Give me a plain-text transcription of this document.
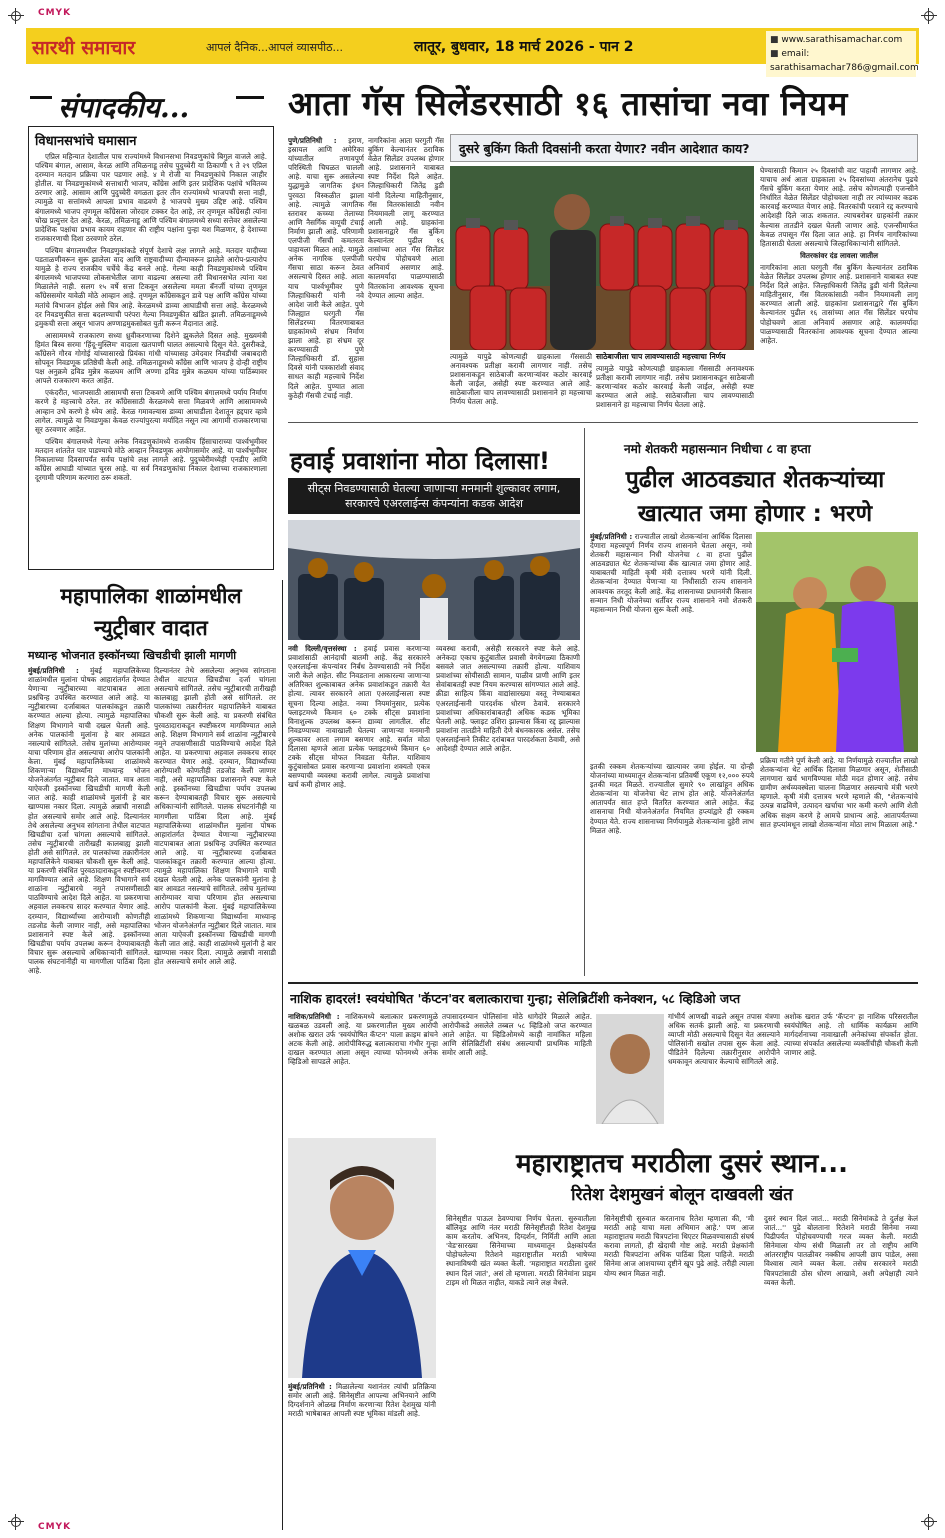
CMYK
CMYK
सारथी समाचार	आपलं दैनिक...आपलं व्यासपीठ...	लातूर, बुधवार, 18 मार्च 2026 - पान 2
■	www.sarathisamachar.com
■ email: sarathisamachar786@gmail.com
संपादकीय...
विधानसभांचे घमासान

एप्रिल महिन्यात देशातील पाच राज्यांमध्ये विधानसभा निवडणुकांचे बिगुल वाजले आहे. पश्चिम बंगाल, आसाम, केरळ आणि तमिळनाडू तसेच पुदुच्चेरी या ठिकाणी ९ ते २९ एप्रिल दरम्यान मतदान प्रक्रिया पार पडणार आहे. ४ मे रोजी या निवडणुकांचे निकाल जाहीर होतील. या निवडणुकांमध्ये सत्ताधारी भाजप, काँग्रेस आणि इतर प्रादेशिक पक्षांचे भवितव्य ठरणार आहे. आसाम आणि पुदुच्चेरी वगळता इतर तीन राज्यांमध्ये भाजपची सत्ता नाही, त्यामुळे या सत्तांमध्ये आपला प्रभाव वाढवणे हे भाजपचे मुख्य उद्दिष्ट आहे. पश्चिम बंगालमध्ये भाजप तृणमूल काँग्रेसला जोरदार टक्कर देत आहे, तर तृणमूल काँग्रेसही त्यांना चोख प्रत्युत्तर देत आहे. केरळ, तमिळनाडू आणि पश्चिम बंगालमध्ये सध्या सत्तेवर असलेल्या प्रादेशिक पक्षांचा प्रभाव कायम राहणार की राष्ट्रीय पक्षांना पुन्हा यश मिळणार, हे देशाच्या राजकारणाची दिशा ठरवणारे ठरेल.

पश्चिम बंगालमधील निवडणुकांकडे संपूर्ण देशाचे लक्ष लागले आहे. मतदार यादीच्या पडताळणीवरून सुरू झालेला वाद आणि राष्ट्रवादीच्या दीन्यावरून झालेले आरोप-प्रत्यारोप यामुळे हे राज्य राजकीय चर्चेचे केंद्र बनले आहे. गेल्या काही निवडणुकांमध्ये पश्चिम बंगालमध्ये भाजपच्या लोकसभेतील जागा वाढल्या असल्या तरी विधानसभेत त्यांना यश मिळालेले नाही. सलग १५ वर्षे सत्ता टिकवून असलेल्या ममता बॅनर्जी यांच्या तृणमूल काँग्रेससमोर यावेळी मोठे आव्हान आहे. तृणमूल काँग्रेसकडून डावे पक्ष आणि काँग्रेस यांच्या मतांचे विभाजन होईल असे चित्र आहे. केरळमध्ये डाव्या आघाडीची सत्ता आहे. केरळमध्ये दर निवडणुकीत सत्ता बदलण्याची परंपरा गेल्या निवडणुकीत खंडित झाली. तमिळनाडूमध्ये द्रमुकची सत्ता असून भाजप अण्णाद्रमुकसोबत युती करून मैदानात आहे.

आसाममध्ये राजकारण सध्या ध्रुवीकरणाच्या दिशेने झुकलेले दिसत आहे. मुख्यमंत्री हिमंत बिस्व सरमा 'हिंदू-मुस्लिम' वादाला खतपाणी घालत असल्याचे दिसून येते. दुसरीकडे, काँग्रेसने गौरव गोगोई यांच्यासारखे प्रियंका गांधी यांच्यासह उमेदवार निवडीची जबाबदारी सोपवून निवडणूक प्रतिष्ठेची केली आहे. तमिळनाडूमध्ये काँग्रेस आणि भाजप हे दोन्ही राष्ट्रीय पक्ष अनुक्रमे द्रविड मुन्नेत्र कळघम आणि अण्णा द्रविड मुन्नेत्र कळघम यांच्या पाठिंब्यावर आपले राजकारण करत आहेत.

एकंदरीत, भाजपसाठी आसामची सत्ता टिकवणे आणि पश्चिम बंगालमध्ये पर्याय निर्माण करणे हे महत्त्वाचे ठरेल. तर काँग्रेससाठी केरळमध्ये सत्ता मिळवणे आणि आसाममध्ये आव्हान उभे करणे हे ध्येय आहे. केरळ गमावल्यास डाव्या आघाडीला देशातून हद्दपार व्हावे लागेल. त्यामुळे या निवडणुका केवळ राज्यांपुरत्या मर्यादित नसून त्या आगामी राजकारणाचा सूर ठरवणार आहेत.

पश्चिम बंगालमध्ये गेल्या अनेक निवडणुकांमध्ये राजकीय हिंसाचाराच्या पार्श्वभूमीवर मतदान शांततेत पार पाडण्याचे मोठे आव्हान निवडणूक आयोगासमोर आहे. या पार्श्वभूमीवर निकालाच्या दिवसापर्यंत सर्वच पक्षांचे लक्ष लागले आहे. पुदुच्चेरीमध्येही एनडीए आणि काँग्रेस आघाडी यांच्यात चुरस आहे. या सर्व निवडणुकांचा निकाल देशाच्या राजकारणाला दूरगामी परिणाम करणारा ठरू शकतो.

आता गॅस सिलेंडरसाठी १६ तासांचा नवा नियम
दुसरे बुकिंग किती दिवसांनी करता येणार? नवीन आदेशात काय?
पुणे/प्रतिनिधी : इराण, इस्रायल आणि अमेरिका यांच्यातील तणावपूर्ण परिस्थिती चिघळत चालली आहे. याचा सुरू असलेल्या युद्धामुळे जागतिक इंधन पुरवठा विस्कळीत झाला आहे. त्यामुळे जागतिक स्तरावर कच्च्या तेलाच्या आणि नैसर्गिक वायूची टंचाई निर्माण झाली आहे. परिणामी एलपीजी गॅसची कमतरता पाहायला मिळत आहे. यामुळे अनेक नागरिक एलपीजी गॅसचा साठा करून ठेवत असल्याचे दिसत आहे. आता याच पार्श्वभूमीवर पुणे जिल्हाधिकारी यांनी नवे आदेश जारी केले आहेत. पुणे जिल्ह्यात घरगुती गॅस सिलेंडरच्या वितरणाबाबत ग्राहकांमध्ये संभ्रम निर्माण झाला आहे. हा संभ्रम दूर करण्यासाठी पुणे जिल्हाधिकारी डॉ. सुहास दिवसे यांनी पत्रकारांशी संवाद साधत काही महत्त्वाचे निर्देश दिले आहेत. पुण्यात आता कुठेही गॅसची टंचाई नाही.
नागरिकांना आता घरगुती गॅस बुकिंग केल्यानंतर ठराविक वेळेत सिलेंडर उपलब्ध होणार आहे. प्रशासनाने याबाबत स्पष्ट निर्देश दिले आहेत. जिल्हाधिकारी जितेंद्र डुडी यांनी दिलेल्या माहितीनुसार, गॅस वितरकांसाठी नवीन नियमावली लागू करण्यात आली आहे. ग्राहकांना प्रशासनाद्वारे गॅस बुकिंग केल्यानंतर पुढील १६ तासांच्या आत गॅस सिलेंडर घरपोच पोहोचवणे आता अनिवार्य असणार आहे. कालमर्यादा पाळण्यासाठी वितरकांना आवश्यक सूचना देण्यात आल्या आहेत.
त्यामुळे यापुढे कोणत्याही ग्राहकाला गॅससाठी अनावश्यक प्रतीक्षा करावी लागणार नाही. तसेच प्रशासनाकडून साठेबाजी करणाऱ्यांवर कठोर कारवाई केली जाईल, असेही स्पष्ट करण्यात आले आहे. साठेबाजीला चाप लावण्यासाठी प्रशासनाने हा महत्त्वाचा निर्णय घेतला आहे.
साठेबाजीला चाप लावण्यासाठी महत्त्वाचा निर्णय
त्यामुळे यापुढे कोणत्याही ग्राहकाला गॅससाठी अनावश्यक प्रतीक्षा करावी लागणार नाही. तसेच प्रशासनाकडून साठेबाजी करणाऱ्यांवर कठोर कारवाई केली जाईल, असेही स्पष्ट करण्यात आले आहे. साठेबाजीला चाप लावण्यासाठी प्रशासनाने हा महत्त्वाचा निर्णय घेतला आहे.
घेण्यासाठी किमान २५ दिवसांची वाट पाहावी लागणार आहे. याचाच अर्थ आता ग्राहकाला २५ दिवसांच्या अंतरानेच पुढचे गॅसचे बुकिंग करता येणार आहे. तसेच कोणत्याही एजन्सीने निर्धारित वेळेत सिलेंडर पोहोचवला नाही तर त्यांच्यावर कडक कारवाई करण्यात येणार आहे. वितरकांची परवाने रद्द करण्याचे आदेशही दिले जाऊ शकतात. त्याचबरोबर ग्राहकांनी तक्रार केल्यास तातडीने दखल घेतली जाणार आहे. एजन्सीमार्फत केवळ तपासून गॅस दिला जात आहे. हा निर्णय नागरिकांच्या हितासाठी घेतला असल्याचे जिल्हाधिकाऱ्यांनी सांगितले.
वितरकांवर दंड लावला जातील
नागरिकांना आता घरगुती गॅस बुकिंग केल्यानंतर ठराविक वेळेत सिलेंडर उपलब्ध होणार आहे. प्रशासनाने याबाबत स्पष्ट निर्देश दिले आहेत. जिल्हाधिकारी जितेंद्र डुडी यांनी दिलेल्या माहितीनुसार, गॅस वितरकांसाठी नवीन नियमावली लागू करण्यात आली आहे. ग्राहकांना प्रशासनाद्वारे गॅस बुकिंग केल्यानंतर पुढील १६ तासांच्या आत गॅस सिलेंडर घरपोच पोहोचवणे आता अनिवार्य असणार आहे. कालमर्यादा पाळण्यासाठी वितरकांना आवश्यक सूचना देण्यात आल्या आहेत.
हवाई प्रवाशांना मोठा दिलासा!
सीट्स निवडण्यासाठी घेतल्या जाणाऱ्या मनमानी शुल्कावर लगाम, सरकारचे एअरलाईन्स कंपन्यांना कडक आदेश
नवी दिल्ली/वृत्तसंस्था : हवाई प्रवास करणाऱ्या प्रवाशांसाठी आनंदाची बातमी आहे. केंद्र सरकारने एअरलाईन्स कंपन्यांवर निर्बंध ठेवण्यासाठी नवे निर्देश जारी केले आहेत. सीट निवडताना आकारल्या जाणाऱ्या अतिरिक्त शुल्काबाबत अनेक प्रवाशांकडून तक्रारी येत होत्या. त्यावर सरकारने आता एअरलाईन्सला स्पष्ट सूचना दिल्या आहेत. नव्या नियमांनुसार, प्रत्येक फ्लाइटमध्ये किमान ६० टक्के सीट्स प्रवाशांना विनाशुल्क उपलब्ध करून द्याव्या लागतील. सीट निवडण्याच्या नावाखाली घेतल्या जाणाऱ्या मनमानी शुल्कावर आता लगाम बसणार आहे. सर्वात मोठा दिलासा म्हणजे आता प्रत्येक फ्लाइटमध्ये किमान ६० टक्के सीट्स मोफत निवडता येतील. याशिवाय कुटुंबासोबत प्रवास करणाऱ्या प्रवाशांना शक्यतो एकत्र बसण्याची व्यवस्था करावी लागेल. त्यामुळे प्रवाशांचा खर्च कमी होणार आहे.
व्यवस्था करावी, असेही सरकारने स्पष्ट केले आहे. अनेकदा एकाच कुटुंबातील प्रवासी वेगवेगळ्या ठिकाणी बसवले जात असल्याच्या तक्रारी होत्या. याशिवाय प्रवाशांच्या सोयीसाठी सामान, पाळीव प्राणी आणि इतर सेवांबाबतही स्पष्ट नियम करण्यास सांगण्यात आले आहे. क्रीडा साहित्य किंवा वाद्यांसारख्या वस्तू नेण्याबाबत एअरलाईन्सनी पारदर्शक धोरण ठेवावे. सरकारने प्रवाशांच्या अधिकारांबाबतही अधिक कडक भूमिका घेतली आहे. फ्लाइट उशिरा झाल्यास किंवा रद्द झाल्यास प्रवाशांना तातडीने माहिती देणे बंधनकारक असेल. तसेच एअरलाईन्सने तिकीट दरांबाबत पारदर्शकता ठेवावी, असे आदेशही देण्यात आले आहेत.
नमो शेतकरी महासन्मान निधीचा ८ वा हप्ता
पुढील आठवड्यात शेतकऱ्यांच्या
खात्यात जमा होणार : भरणे
मुंबई/प्रतिनिधी : राज्यातील लाखो शेतकऱ्यांना आर्थिक दिलासा देणारा महत्त्वपूर्ण निर्णय राज्य शासनाने घेतला असून, नमो शेतकरी महासन्मान निधी योजनेचा ८ वा हप्ता पुढील आठवड्यात थेट शेतकऱ्यांच्या बँक खात्यात जमा होणार आहे. याबाबतची माहिती कृषी मंत्री दत्तात्रय भरणे यांनी दिली. शेतकऱ्यांना देण्यात येणाऱ्या या निधीसाठी राज्य शासनाने आवश्यक तरतूद केली आहे. केंद्र शासनाच्या प्रधानमंत्री किसान सन्मान निधी योजनेच्या धर्तीवर राज्य शासनाने नमो शेतकरी महासन्मान निधी योजना सुरू केली आहे.
इतकी रक्कम शेतकऱ्यांच्या खात्यावर जमा होईल. या दोन्ही योजनांच्या माध्यमातून शेतकऱ्यांना प्रतिवर्षी एकूण १२,००० रुपये इतकी मदत मिळते. राज्यातील सुमारे ९० लाखांहून अधिक शेतकऱ्यांना या योजनेचा थेट लाभ होत आहे. योजनेअंतर्गत आतापर्यंत सात हप्ते वितरित करण्यात आले आहेत. केंद्र शासनाचा निधी योजनेअंतर्गत नियमित हप्त्यांद्वारे ही रक्कम देण्यात येते. राज्य शासनाच्या निर्णयामुळे शेतकऱ्यांना दुहेरी लाभ मिळत आहे.
प्रक्रिया गतीने पूर्ण केली आहे. या निर्णयामुळे राज्यातील लाखो शेतकऱ्यांना थेट आर्थिक दिलासा मिळणार असून, शेतीसाठी लागणारा खर्च भागविण्यास मोठी मदत होणार आहे. तसेच ग्रामीण अर्थव्यवस्थेला चालना मिळणार असल्याचे मंत्री भरणे म्हणाले. कृषी मंत्री दत्तात्रय भरणे म्हणाले की, "शेतकऱ्यांचे उत्पन्न वाढविणे, उत्पादन खर्चाचा भार कमी करणे आणि शेती अधिक सक्षम करणे हे आमचे प्राधान्य आहे. आतापर्यंतच्या सात हप्त्यांमधून लाखो शेतकऱ्यांना मोठा लाभ मिळाला आहे."
महापालिका शाळांमधील
न्युट्रीबार वादात
मध्यान्ह भोजनात इस्कॉनच्या खिचडीची झाली मागणी
मुंबई/प्रतिनिधी : मुंबई महापालिकेच्या शाळांमधील मुलांना पोषक आहारांतर्गत देण्यात येणाऱ्या न्युट्रीबारच्या वाटपाबाबत आता प्रश्नचिन्ह उपस्थित करण्यात आले आहे. या न्युट्रीबारच्या दर्जाबाबत पालकांकडून तक्रारी करण्यात आल्या होत्या. त्यामुळे महापालिका शिक्षण विभागाने याची दखल घेतली आहे. अनेक पालकांनी मुलांना हे बार आवडत नसल्याचे सांगितले. तसेच मुलांच्या आरोग्यावर याचा परिणाम होत असल्याचा आरोप पालकांनी केला. मुंबई महापालिकेच्या शाळांमध्ये शिकणाऱ्या विद्यार्थ्यांना माध्यान्ह भोजन योजनेअंतर्गत न्युट्रीबार दिले जातात. मात्र आता याऐवजी इस्कॉनच्या खिचडीची मागणी केली जात आहे. काही शाळांमध्ये मुलांनी हे बार खाण्यास नकार दिला. त्यामुळे अन्नाची नासाडी होत असल्याचे समोर आले आहे. दिल्यानंतर तेथे असलेल्या अनुभव सांगताना तेथील वाटपात खिचडीचा दर्जा चांगला असल्याचे सांगितले. तसेच न्युट्रीबारची तारीखही कालबाह्य झाली होती असे सांगितले. तर पालकांच्या तक्रारीनंतर महापालिकेने याबाबत चौकशी सुरू केली आहे. या प्रकरणी संबंधित पुरवठादाराकडून स्पष्टीकरण मागविण्यात आले आहे. शिक्षण विभागाने सर्व शाळांना न्युट्रीबारचे नमुने तपासणीसाठी पाठविण्याचे आदेश दिले आहेत. या प्रकरणाचा अहवाल लवकरच सादर करण्यात येणार आहे. दरम्यान, विद्यार्थ्यांच्या आरोग्याशी कोणतीही तडजोड केली जाणार नाही, असे महापालिका प्रशासनाने स्पष्ट केले आहे. इस्कॉनच्या खिचडीचा पर्याय उपलब्ध करून देण्याबाबतही विचार सुरू असल्याचे अधिकाऱ्यांनी सांगितले. पालक संघटनांनीही या मागणीला पाठिंबा दिला आहे.
दिल्यानंतर तेथे असलेल्या अनुभव सांगताना तेथील वाटपात खिचडीचा दर्जा चांगला असल्याचे सांगितले. तसेच न्युट्रीबारची तारीखही कालबाह्य झाली होती असे सांगितले. तर पालकांच्या तक्रारीनंतर महापालिकेने याबाबत चौकशी सुरू केली आहे. या प्रकरणी संबंधित पुरवठादाराकडून स्पष्टीकरण मागविण्यात आले आहे. शिक्षण विभागाने सर्व शाळांना न्युट्रीबारचे नमुने तपासणीसाठी पाठविण्याचे आदेश दिले आहेत. या प्रकरणाचा अहवाल लवकरच सादर करण्यात येणार आहे. दरम्यान, विद्यार्थ्यांच्या आरोग्याशी कोणतीही तडजोड केली जाणार नाही, असे महापालिका प्रशासनाने स्पष्ट केले आहे. इस्कॉनच्या खिचडीचा पर्याय उपलब्ध करून देण्याबाबतही विचार सुरू असल्याचे अधिकाऱ्यांनी सांगितले. पालक संघटनांनीही या मागणीला पाठिंबा दिला आहे. मुंबई महापालिकेच्या शाळांमधील मुलांना पोषक आहारांतर्गत देण्यात येणाऱ्या न्युट्रीबारच्या वाटपाबाबत आता प्रश्नचिन्ह उपस्थित करण्यात आले आहे. या न्युट्रीबारच्या दर्जाबाबत पालकांकडून तक्रारी करण्यात आल्या होत्या. त्यामुळे महापालिका शिक्षण विभागाने याची दखल घेतली आहे. अनेक पालकांनी मुलांना हे बार आवडत नसल्याचे सांगितले. तसेच मुलांच्या आरोग्यावर याचा परिणाम होत असल्याचा आरोप पालकांनी केला. मुंबई महापालिकेच्या शाळांमध्ये शिकणाऱ्या विद्यार्थ्यांना माध्यान्ह भोजन योजनेअंतर्गत न्युट्रीबार दिले जातात. मात्र आता याऐवजी इस्कॉनच्या खिचडीची मागणी केली जात आहे. काही शाळांमध्ये मुलांनी हे बार खाण्यास नकार दिला. त्यामुळे अन्नाची नासाडी होत असल्याचे समोर आले आहे.
नाशिक हादरलं! स्वयंघोषित 'कॅप्टन'वर बलात्काराचा गुन्हा; सेलिब्रिटींशी कनेक्शन, ५८ व्हिडिओ जप्त
नाशिक/प्रतिनिधी : नाशिकमध्ये बलात्कार प्रकरणामुळे खळबळ उडवली आहे. या प्रकरणातील मुख्य आरोपी अशोक खरात उर्फ 'स्वयंघोषित कॅप्टन' याला क्राइम ब्रांचने अटक केली आहे. आरोपीविरुद्ध बलात्काराचा गंभीर गुन्हा दाखल करण्यात आला असून त्याच्या फोनमध्ये अनेक व्हिडिओ सापडले आहेत.
तपासादरम्यान पोलिसांना मोठे धागेदोरे मिळाले आहेत. आरोपीकडे असलेले तब्बल ५८ व्हिडिओ जप्त करण्यात आले आहेत. या व्हिडिओमध्ये काही नामांकित महिला आणि सेलिब्रिटींशी संबंध असल्याची प्राथमिक माहिती समोर आली आहे.
गांभीर्य आणखी वाढले असून तपास यंत्रणा अधिक सतर्क झाली आहे. या प्रकरणाची व्याप्ती मोठी असल्याचे दिसून येत असल्याने पोलिसांनी सखोल तपास सुरू केला आहे. पीडितेने दिलेल्या तक्रारीनुसार आरोपीने धमकावून अत्याचार केल्याचे सांगितले आहे.
अशोक खरात उर्फ 'कॅप्टन' हा नाशिक परिसरातील स्वयंघोषित आहे. तो धार्मिक कार्यक्रम आणि मार्गदर्शनाच्या नावाखाली अनेकांच्या संपर्कात होता. त्याच्या संपर्कात असलेल्या व्यक्तींचीही चौकशी केली जाणार आहे.
महाराष्ट्रातच मराठीला दुसरं स्थान...
रितेश देशमुखनं बोलून दाखवली खंत
मुंबई/प्रतिनिधी : मिळालेल्या यशानंतर त्यांची प्रतिक्रिया समोर आली आहे. सिनेसृष्टीत आपल्या अभिनयाने आणि दिग्दर्शनाने ओळख निर्माण करणाऱ्या रितेश देशमुख यांनी मराठी भाषेबाबत आपली स्पष्ट भूमिका मांडली आहे.
सिनेसृष्टीत पाऊल ठेवण्याचा निर्णय घेतला. सुरुवातीला बॉलिवूड आणि नंतर मराठी सिनेसृष्टीतही रितेश देशमुख काम करतोय. अभिनय, दिग्दर्शन, निर्मिती आणि आता 'वेड'सारख्या सिनेमाच्या माध्यमातून प्रेक्षकांपर्यंत पोहोचलेल्या रितेशने महाराष्ट्रातील मराठी भाषेच्या स्थानाविषयी खंत व्यक्त केली. 'महाराष्ट्रात मराठीला दुसरं स्थान दिलं जातं', असं तो म्हणाला. मराठी सिनेमांना प्राइम टाइम शो मिळत नाहीत, याकडे त्याने लक्ष वेधले.
सिनेसृष्टीची सुरुवात करतानाच रितेश म्हणाला की, 'मी मराठी आहे याचा मला अभिमान आहे.' पण आज महाराष्ट्रातच मराठी चित्रपटांना थिएटर मिळवण्यासाठी संघर्ष करावा लागतो, ही खेदाची गोष्ट आहे. मराठी प्रेक्षकांनी मराठी चित्रपटांना अधिक पाठिंबा दिला पाहिजे. मराठी सिनेमा आज आशयाच्या दृष्टीने खूप पुढे आहे. तरीही त्याला योग्य स्थान मिळत नाही.
दुसरं स्थान दिलं जातं... मराठी सिनेमांकडे ते दुर्लक्ष केलं जातं...'' पुढे बोलताना रितेशने मराठी सिनेमा नव्या पिढीपर्यंत पोहोचवण्याची गरज व्यक्त केली. मराठी सिनेमाला योग्य संधी मिळाली तर तो राष्ट्रीय आणि आंतरराष्ट्रीय पातळीवर नक्कीच आपली छाप पाडेल, असा विश्वास त्याने व्यक्त केला. तसेच सरकारने मराठी चित्रपटांसाठी ठोस धोरण आखावे, अशी अपेक्षाही त्याने व्यक्त केली.
